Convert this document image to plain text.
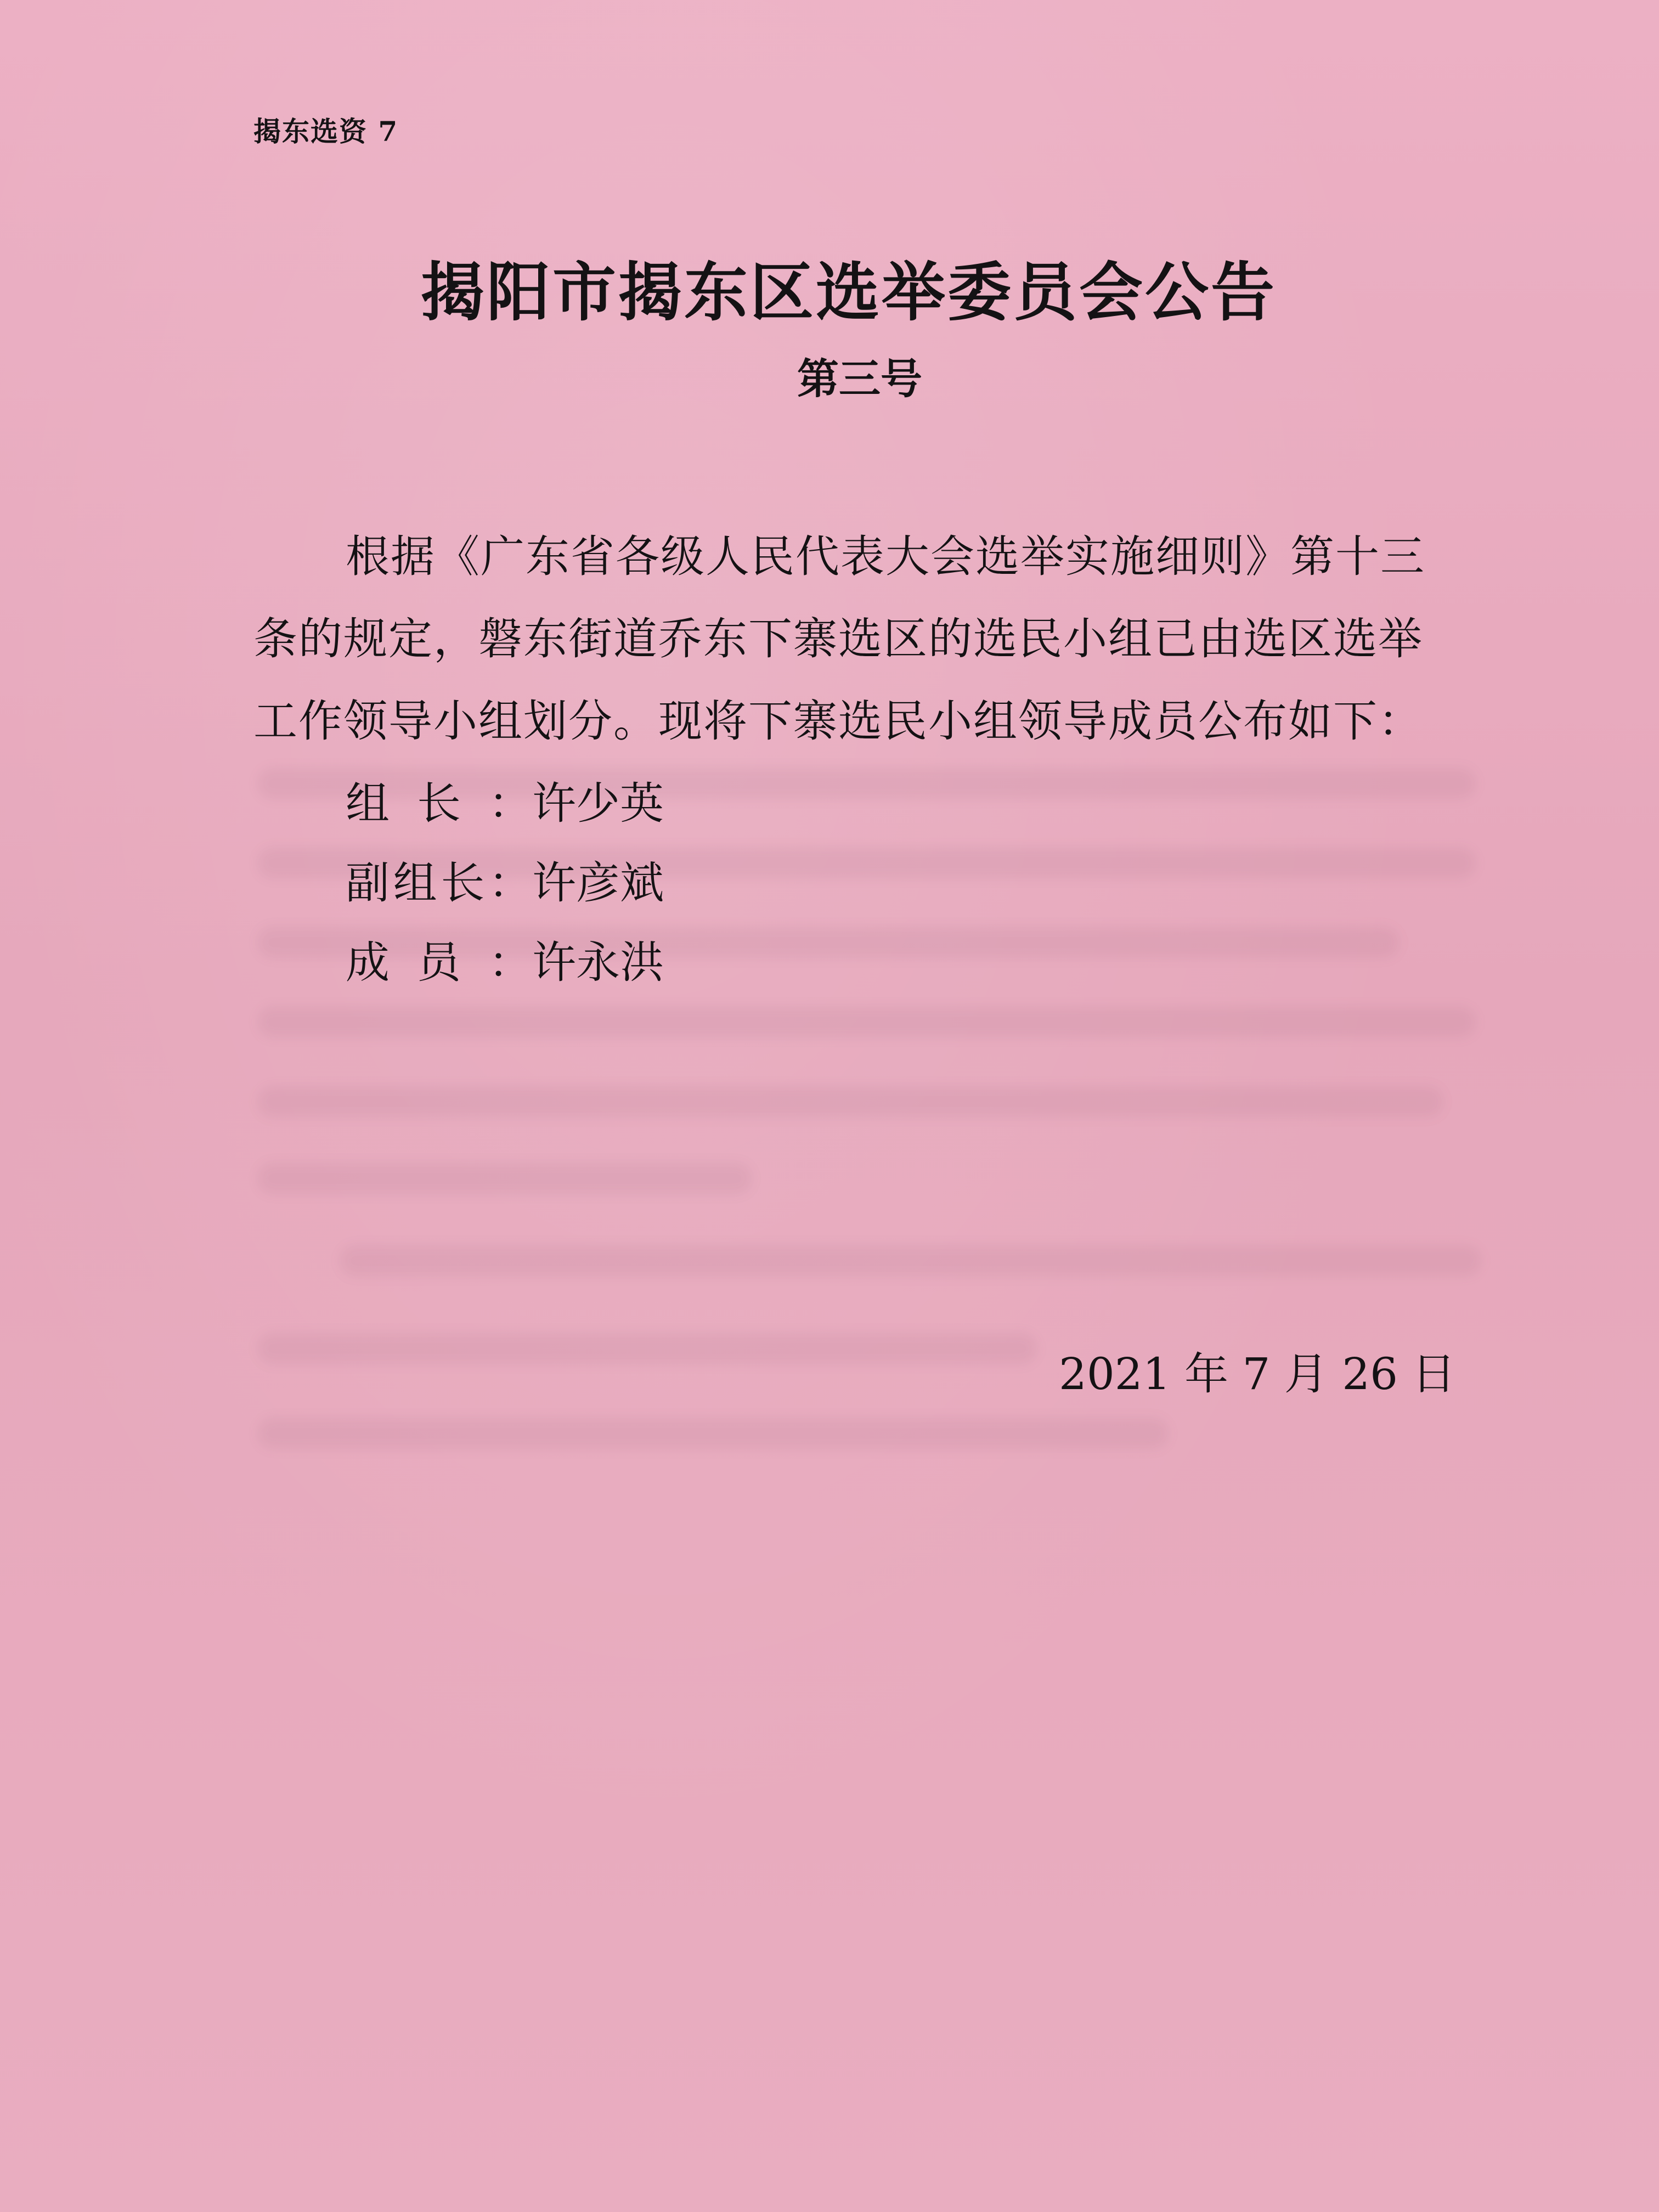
揭东选资 7
揭阳市揭东区选举委员会公告
第三号
根据《广东省各级人民代表大会选举实施细则》第十三
条的规定，磐东街道乔东下寨选区的选民小组已由选区选举
工作领导小组划分。现将下寨选民小组领导成员公布如下：
组长：许少英
副组长：许彦斌
成员：许永洪
2021 年 7 月 26 日
